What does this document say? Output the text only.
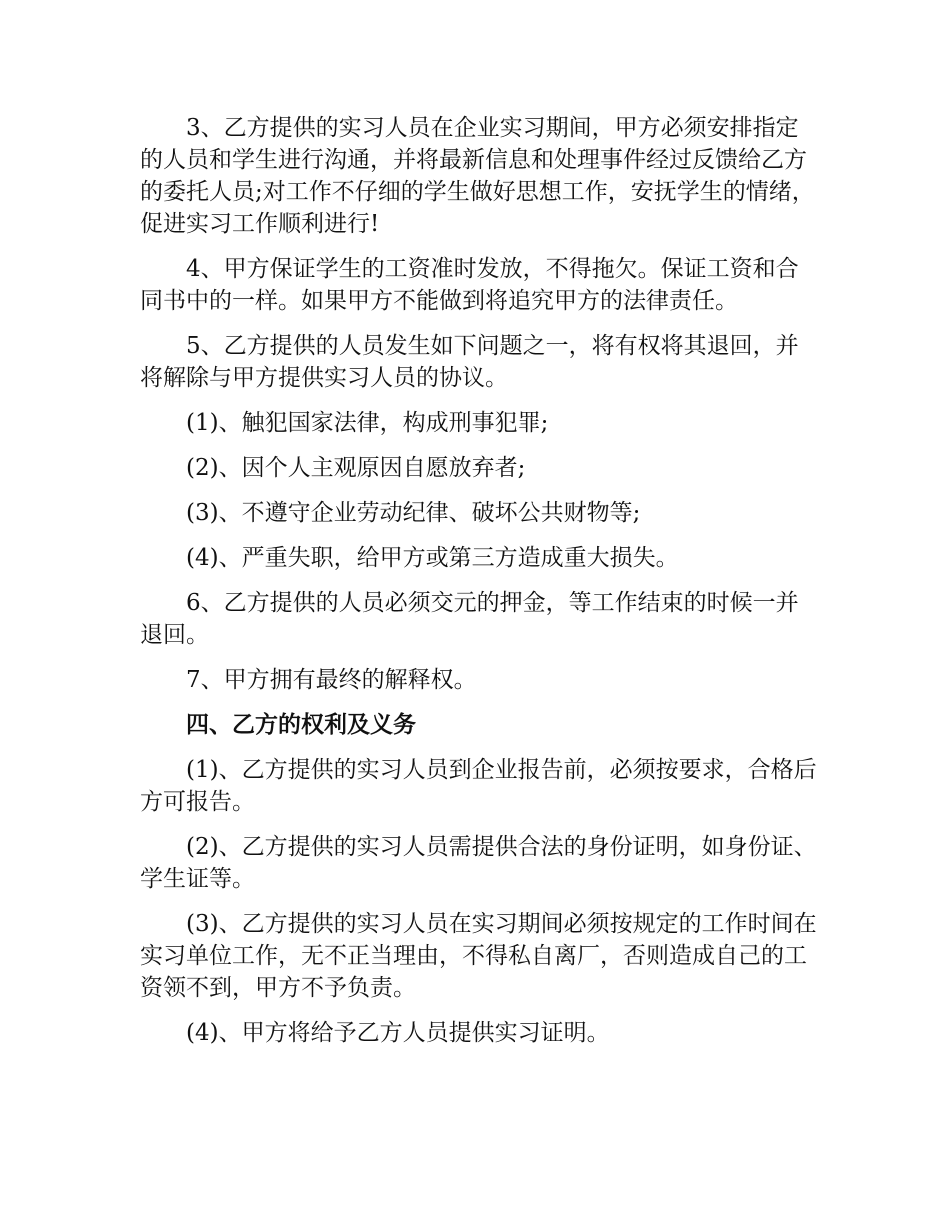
3、乙方提供的实习人员在企业实习期间，甲方必须安排指定的人员和学生进行沟通，并将最新信息和处理事件经过反馈给乙方的委托人员;对工作不仔细的学生做好思想工作，安抚学生的情绪，促进实习工作顺利进行!

4、甲方保证学生的工资准时发放，不得拖欠。保证工资和合同书中的一样。如果甲方不能做到将追究甲方的法律责任。

5、乙方提供的人员发生如下问题之一，将有权将其退回，并将解除与甲方提供实习人员的协议。

(1)、触犯国家法律，构成刑事犯罪;

(2)、因个人主观原因自愿放弃者;

(3)、不遵守企业劳动纪律、破坏公共财物等;

(4)、严重失职，给甲方或第三方造成重大损失。

6、乙方提供的人员必须交元的押金，等工作结束的时候一并退回。

7、甲方拥有最终的解释权。

四、乙方的权利及义务

(1)、乙方提供的实习人员到企业报告前，必须按要求，合格后方可报告。

(2)、乙方提供的实习人员需提供合法的身份证明，如身份证、学生证等。

(3)、乙方提供的实习人员在实习期间必须按规定的工作时间在实习单位工作，无不正当理由，不得私自离厂，否则造成自己的工资领不到，甲方不予负责。

(4)、甲方将给予乙方人员提供实习证明。
